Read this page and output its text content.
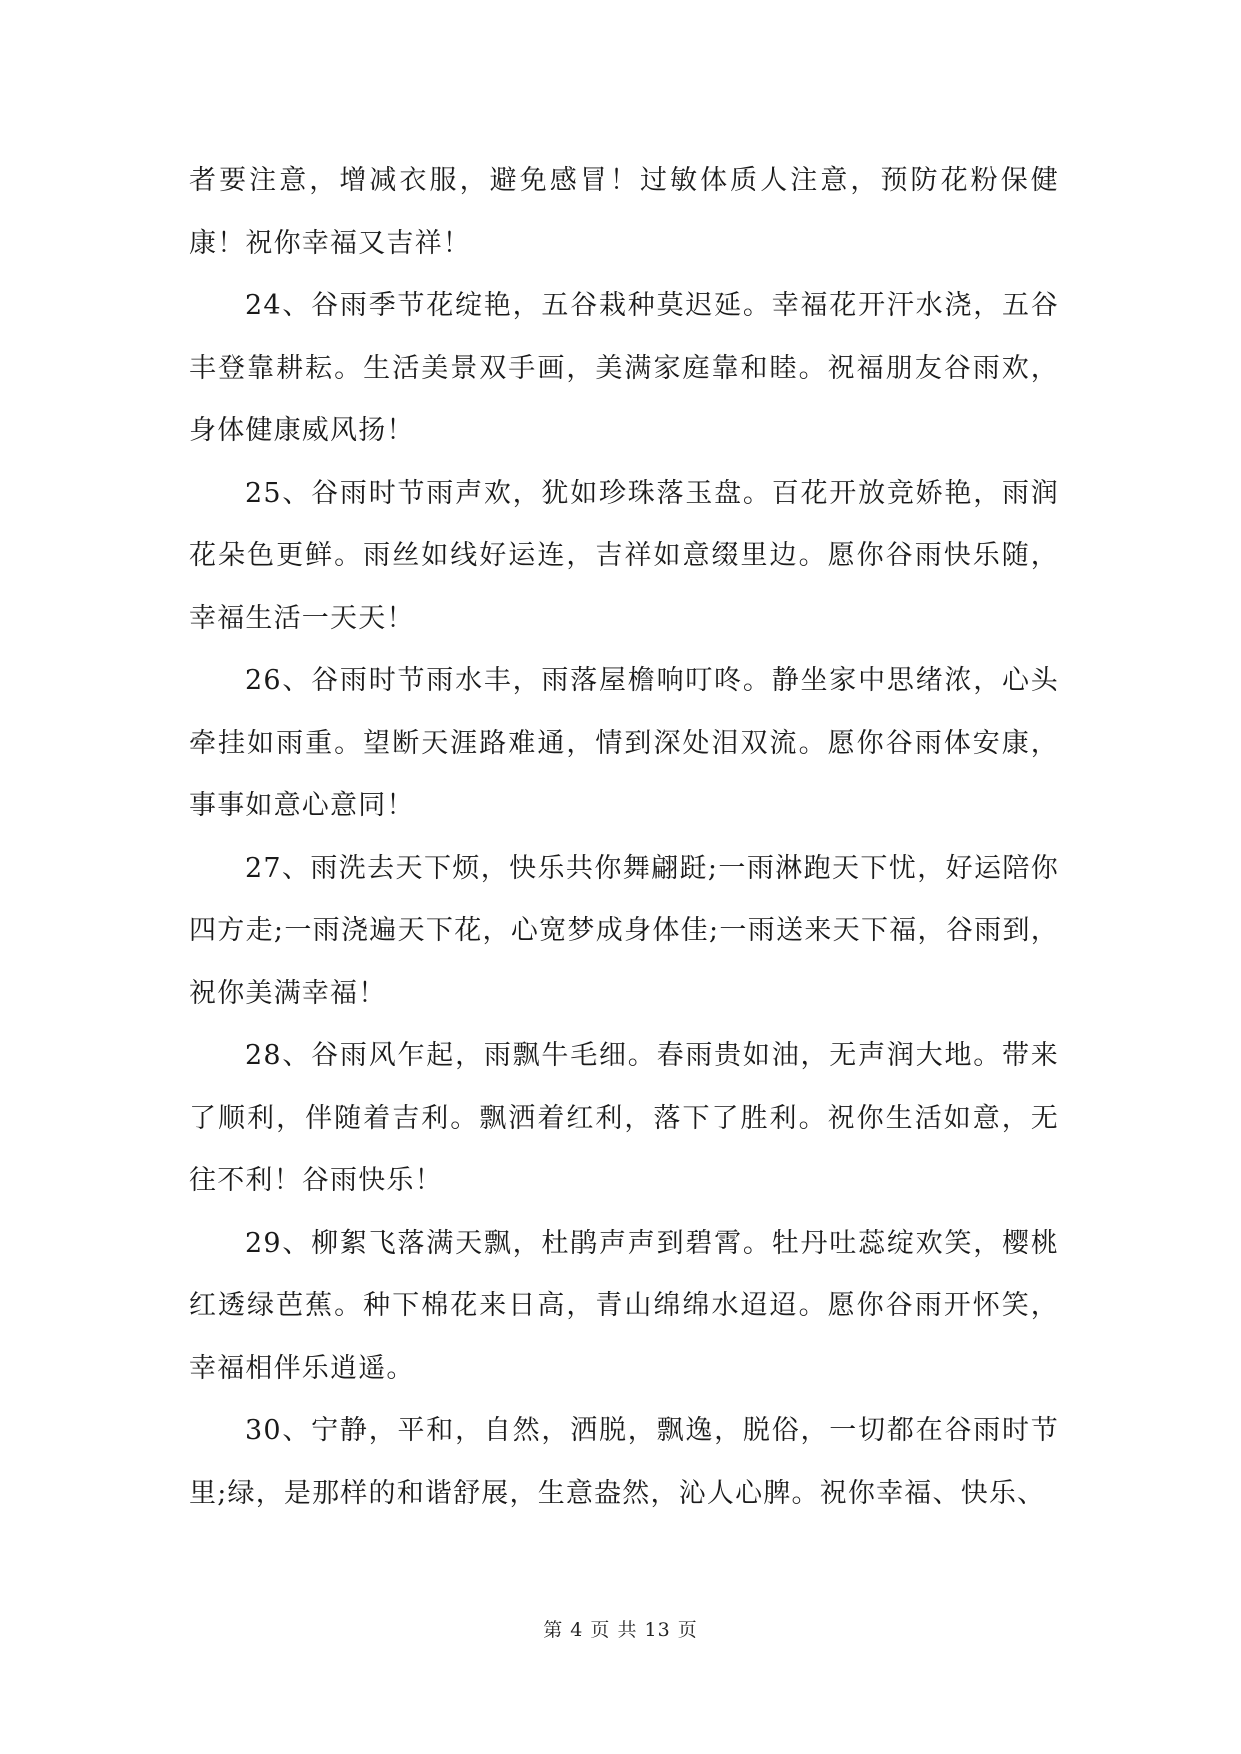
者要注意，增减衣服，避免感冒！过敏体质人注意，预防花粉保健康！祝你幸福又吉祥！

24、谷雨季节花绽艳，五谷栽种莫迟延。幸福花开汗水浇，五谷丰登靠耕耘。生活美景双手画，美满家庭靠和睦。祝福朋友谷雨欢，身体健康威风扬！

25、谷雨时节雨声欢，犹如珍珠落玉盘。百花开放竞娇艳，雨润花朵色更鲜。雨丝如线好运连，吉祥如意缀里边。愿你谷雨快乐随，幸福生活一天天！

26、谷雨时节雨水丰，雨落屋檐响叮咚。静坐家中思绪浓，心头牵挂如雨重。望断天涯路难通，情到深处泪双流。愿你谷雨体安康，事事如意心意同！

27、雨洗去天下烦，快乐共你舞翩跹;一雨淋跑天下忧，好运陪你四方走;一雨浇遍天下花，心宽梦成身体佳;一雨送来天下福，谷雨到，祝你美满幸福！

28、谷雨风乍起，雨飘牛毛细。春雨贵如油，无声润大地。带来了顺利，伴随着吉利。飘洒着红利，落下了胜利。祝你生活如意，无往不利！谷雨快乐！

29、柳絮飞落满天飘，杜鹃声声到碧霄。牡丹吐蕊绽欢笑，樱桃红透绿芭蕉。种下棉花来日高，青山绵绵水迢迢。愿你谷雨开怀笑，幸福相伴乐逍遥。

30、宁静，平和，自然，洒脱，飘逸，脱俗，一切都在谷雨时节里;绿，是那样的和谐舒展，生意盎然，沁人心脾。祝你幸福、快乐、

第 4 页 共 13 页
